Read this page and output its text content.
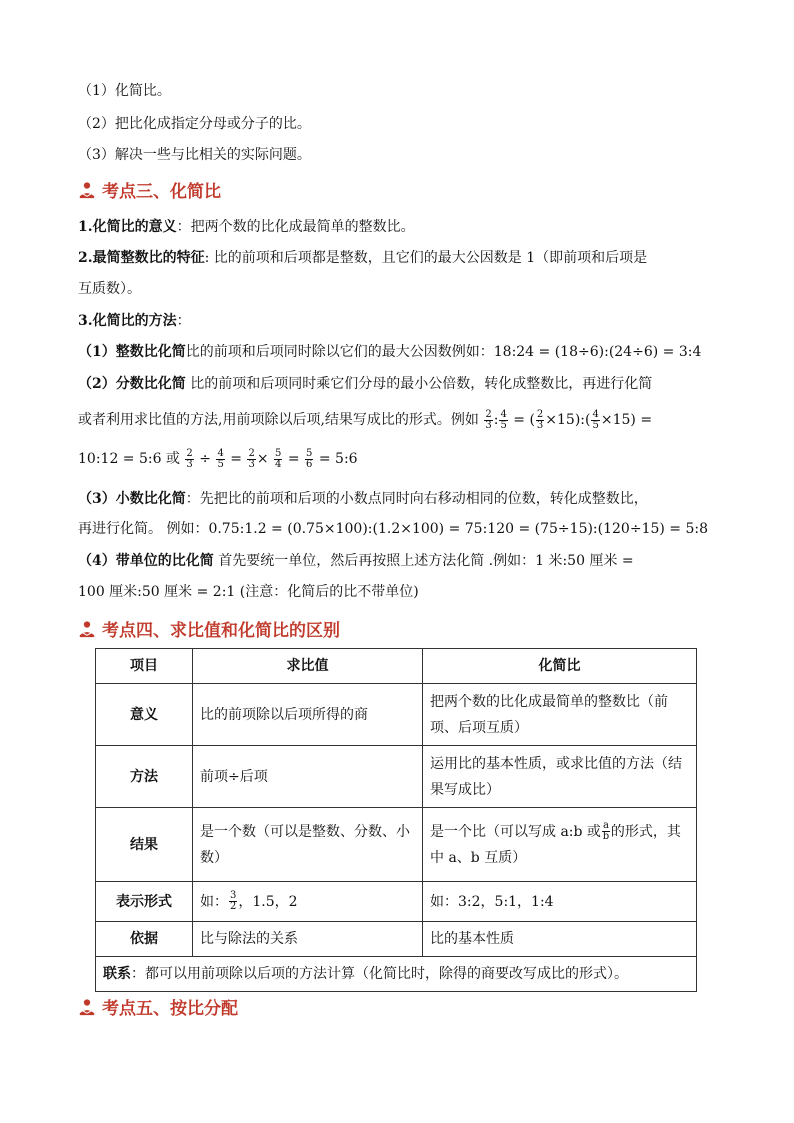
（1）化简比。
（2）把比化成指定分母或分子的比。
（3）解决一些与比相关的实际问题。
考点三、化简比
1.化简比的意义：把两个数的比化成最简单的整数比。
2.最简整数比的特征: 比的前项和后项都是整数，且它们的最大公因数是 1（即前项和后项是
互质数）。
3.化简比的方法：
（1）整数比化简比的前项和后项同时除以它们的最大公因数例如：18:24 = (18÷6):(24÷6) = 3:4
（2）分数比化简 比的前项和后项同时乘它们分母的最小公倍数，转化成整数比，再进行化简
或者利用求比值的方法,用前项除以后项,结果写成比的形式。例如 $\frac{2}{3}$ : $\frac{4}{5}$ = ( $\frac{2}{3}$ ×15):( $\frac{4}{5} \times 15$) =
10:12 = 5:6 或 $\frac{2}{3} \div \frac{4}{5} = \frac{2}{3} \times \frac{5}{4} = \frac{5}{6}$ = 5:6
（3）小数比化简：先把比的前项和后项的小数点同时向右移动相同的位数，转化成整数比，
再进行化简。 例如：0.75:1.2 = (0.75×100):(1.2×100) = 75:120 = (75÷15):(120÷15) = 5:8
（4）带单位的比化简 首先要统一单位，然后再按照上述方法化简 .例如：1 米:50 厘米 =
100 厘米:50 厘米 = 2:1 (注意：化简后的比不带单位)
考点四、求比值和化简比的区别
项目	求比值	化简比
意义	比的前项除以后项所得的商	把两个数的比化成最简单的整数比（前项、后项互质）
方法	前项÷后项	运用比的基本性质，或求比值的方法（结果写成比）
结果	是一个数（可以是整数、分数、小数）	是一个比（可以写成 a:b 或 $\frac{a}{b}$ 的形式，其中 a、b 互质）
表示形式	如： $\frac{3}{2}$ ，1.5，2	如：3:2，5:1，1:4
依据	比与除法的关系	比的基本性质
联系：都可以用前项除以后项的方法计算（化简比时，除得的商要改写成比的形式）。		
考点五、按比分配
